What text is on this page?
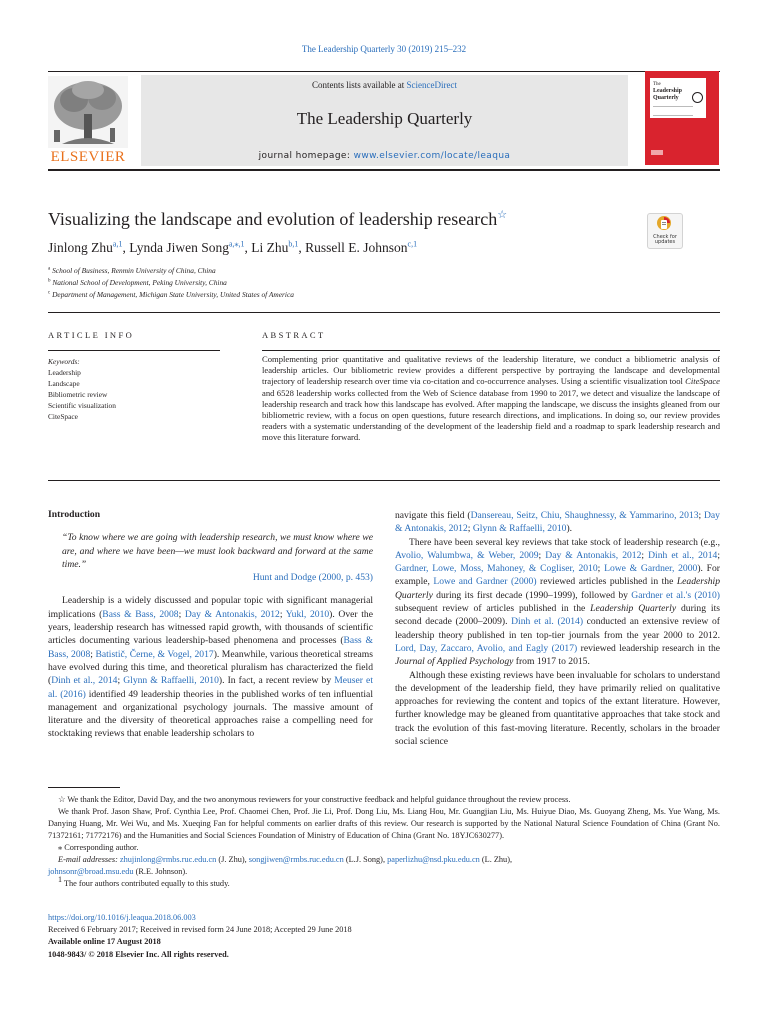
The Leadership Quarterly 30 (2019) 215–232
ELSEVIER
Contents lists available at ScienceDirect
The Leadership Quarterly
journal homepage: www.elsevier.com/locate/leaqua
The
Leadership
Quarterly
Visualizing the landscape and evolution of leadership research☆
Check for
updates
Jinlong Zhu$^{a,1}$, Lynda Jiwen Song$^{a,⁎,1}$, Li Zhu$^{b,1}$, Russell E. Johnson$^{c,1}$
$^a$ School of Business, Renmin University of China, China
$^b$ National School of Development, Peking University, China
$^c$ Department of Management, Michigan State University, United States of America
ARTICLE INFO	ABSTRACT
Keywords:
Leadership
Landscape
Bibliometric review
Scientific visualization
CiteSpace
Complementing prior quantitative and qualitative reviews of the leadership literature, we conduct a bibliometric analysis of leadership articles. Our bibliometric review provides a different perspective by portraying the landscape and developmental trajectory of leadership research over time via co-citation and co-occurrence analyses. Using a scientific visualization tool CiteSpace and 6528 leadership works collected from the Web of Science database from 1990 to 2017, we detect and visualize the landscape of leadership research and track how this landscape has evolved. After mapping the landscape, we discuss the insights gleaned from our bibliometric review, with a focus on open questions, future research directions, and implications. In doing so, our review provides readers with a systematic understanding of the development of the leadership field and a roadmap to spark leadership research and move this literature forward.
Introduction

“To know where we are going with leadership research, we must know where we are, and where we have been—we must look backward and forward at the same time.”

Hunt and Dodge (2000, p. 453)

Leadership is a widely discussed and popular topic with significant managerial implications (Bass & Bass, 2008; Day & Antonakis, 2012; Yukl, 2010). Over the years, leadership research has witnessed rapid growth, with thousands of scientific articles documenting various leadership-based phenomena and processes (Bass & Bass, 2008; Batistič, Černe, & Vogel, 2017). Meanwhile, various theoretical streams have evolved during this time, and theoretical pluralism has characterized the field (Dinh et al., 2014; Glynn & Raffaelli, 2010). In fact, a recent review by Meuser et al. (2016) identified 49 leadership theories in the published works of ten influential management and organizational psychology journals. The massive amount of literature and the diversity of theoretical approaches raise a compelling need for stocktaking reviews that enable leadership scholars to

navigate this field (Dansereau, Seitz, Chiu, Shaughnessy, & Yammarino, 2013; Day & Antonakis, 2012; Glynn & Raffaelli, 2010).

There have been several key reviews that take stock of leadership research (e.g., Avolio, Walumbwa, & Weber, 2009; Day & Antonakis, 2012; Dinh et al., 2014; Gardner, Lowe, Moss, Mahoney, & Cogliser, 2010; Lowe & Gardner, 2000). For example, Lowe and Gardner (2000) reviewed articles published in the Leadership Quarterly during its first decade (1990–1999), followed by Gardner et al.'s (2010) subsequent review of articles published in the Leadership Quarterly during its second decade (2000–2009). Dinh et al. (2014) conducted an extensive review of leadership theory published in ten top-tier journals from the year 2000 to 2012. Lord, Day, Zaccaro, Avolio, and Eagly (2017) reviewed leadership research in the Journal of Applied Psychology from 1917 to 2015.

Although these existing reviews have been invaluable for scholars to understand the development of the leadership field, they have primarily relied on qualitative approaches for reviewing the content and topics of the extant literature. However, further knowledge may be gleaned from quantitative approaches that take stock and track the evolution of this fast-moving literature. Recently, scholars in the broader social science

☆ We thank the Editor, David Day, and the two anonymous reviewers for your constructive feedback and helpful guidance throughout the review process.

We thank Prof. Jason Shaw, Prof. Cynthia Lee, Prof. Chaomei Chen, Prof. Jie Li, Prof. Dong Liu, Ms. Liang Hou, Mr. Guangjian Liu, Ms. Huiyue Diao, Ms. Guoyang Zheng, Ms. Yue Wang, Ms. Danying Huang, Mr. Wei Wu, and Ms. Xueqing Fan for helpful comments on earlier drafts of this review. Our research is supported by the National Natural Science Foundation of China (Grant No. 71372161; 71772176) and the Humanities and Social Sciences Foundation of Ministry of Education of China (Grant No. 18YJC630277).

⁎ Corresponding author.

E-mail addresses: zhujinlong@rmbs.ruc.edu.cn (J. Zhu), songjiwen@rmbs.ruc.edu.cn (L.J. Song), paperlizhu@nsd.pku.edu.cn (L. Zhu),
johnsonr@broad.msu.edu (R.E. Johnson).

$^1$ The four authors contributed equally to this study.

https://doi.org/10.1016/j.leaqua.2018.06.003

Received 6 February 2017; Received in revised form 24 June 2018; Accepted 29 June 2018

Available online 17 August 2018

1048-9843/ © 2018 Elsevier Inc. All rights reserved.
